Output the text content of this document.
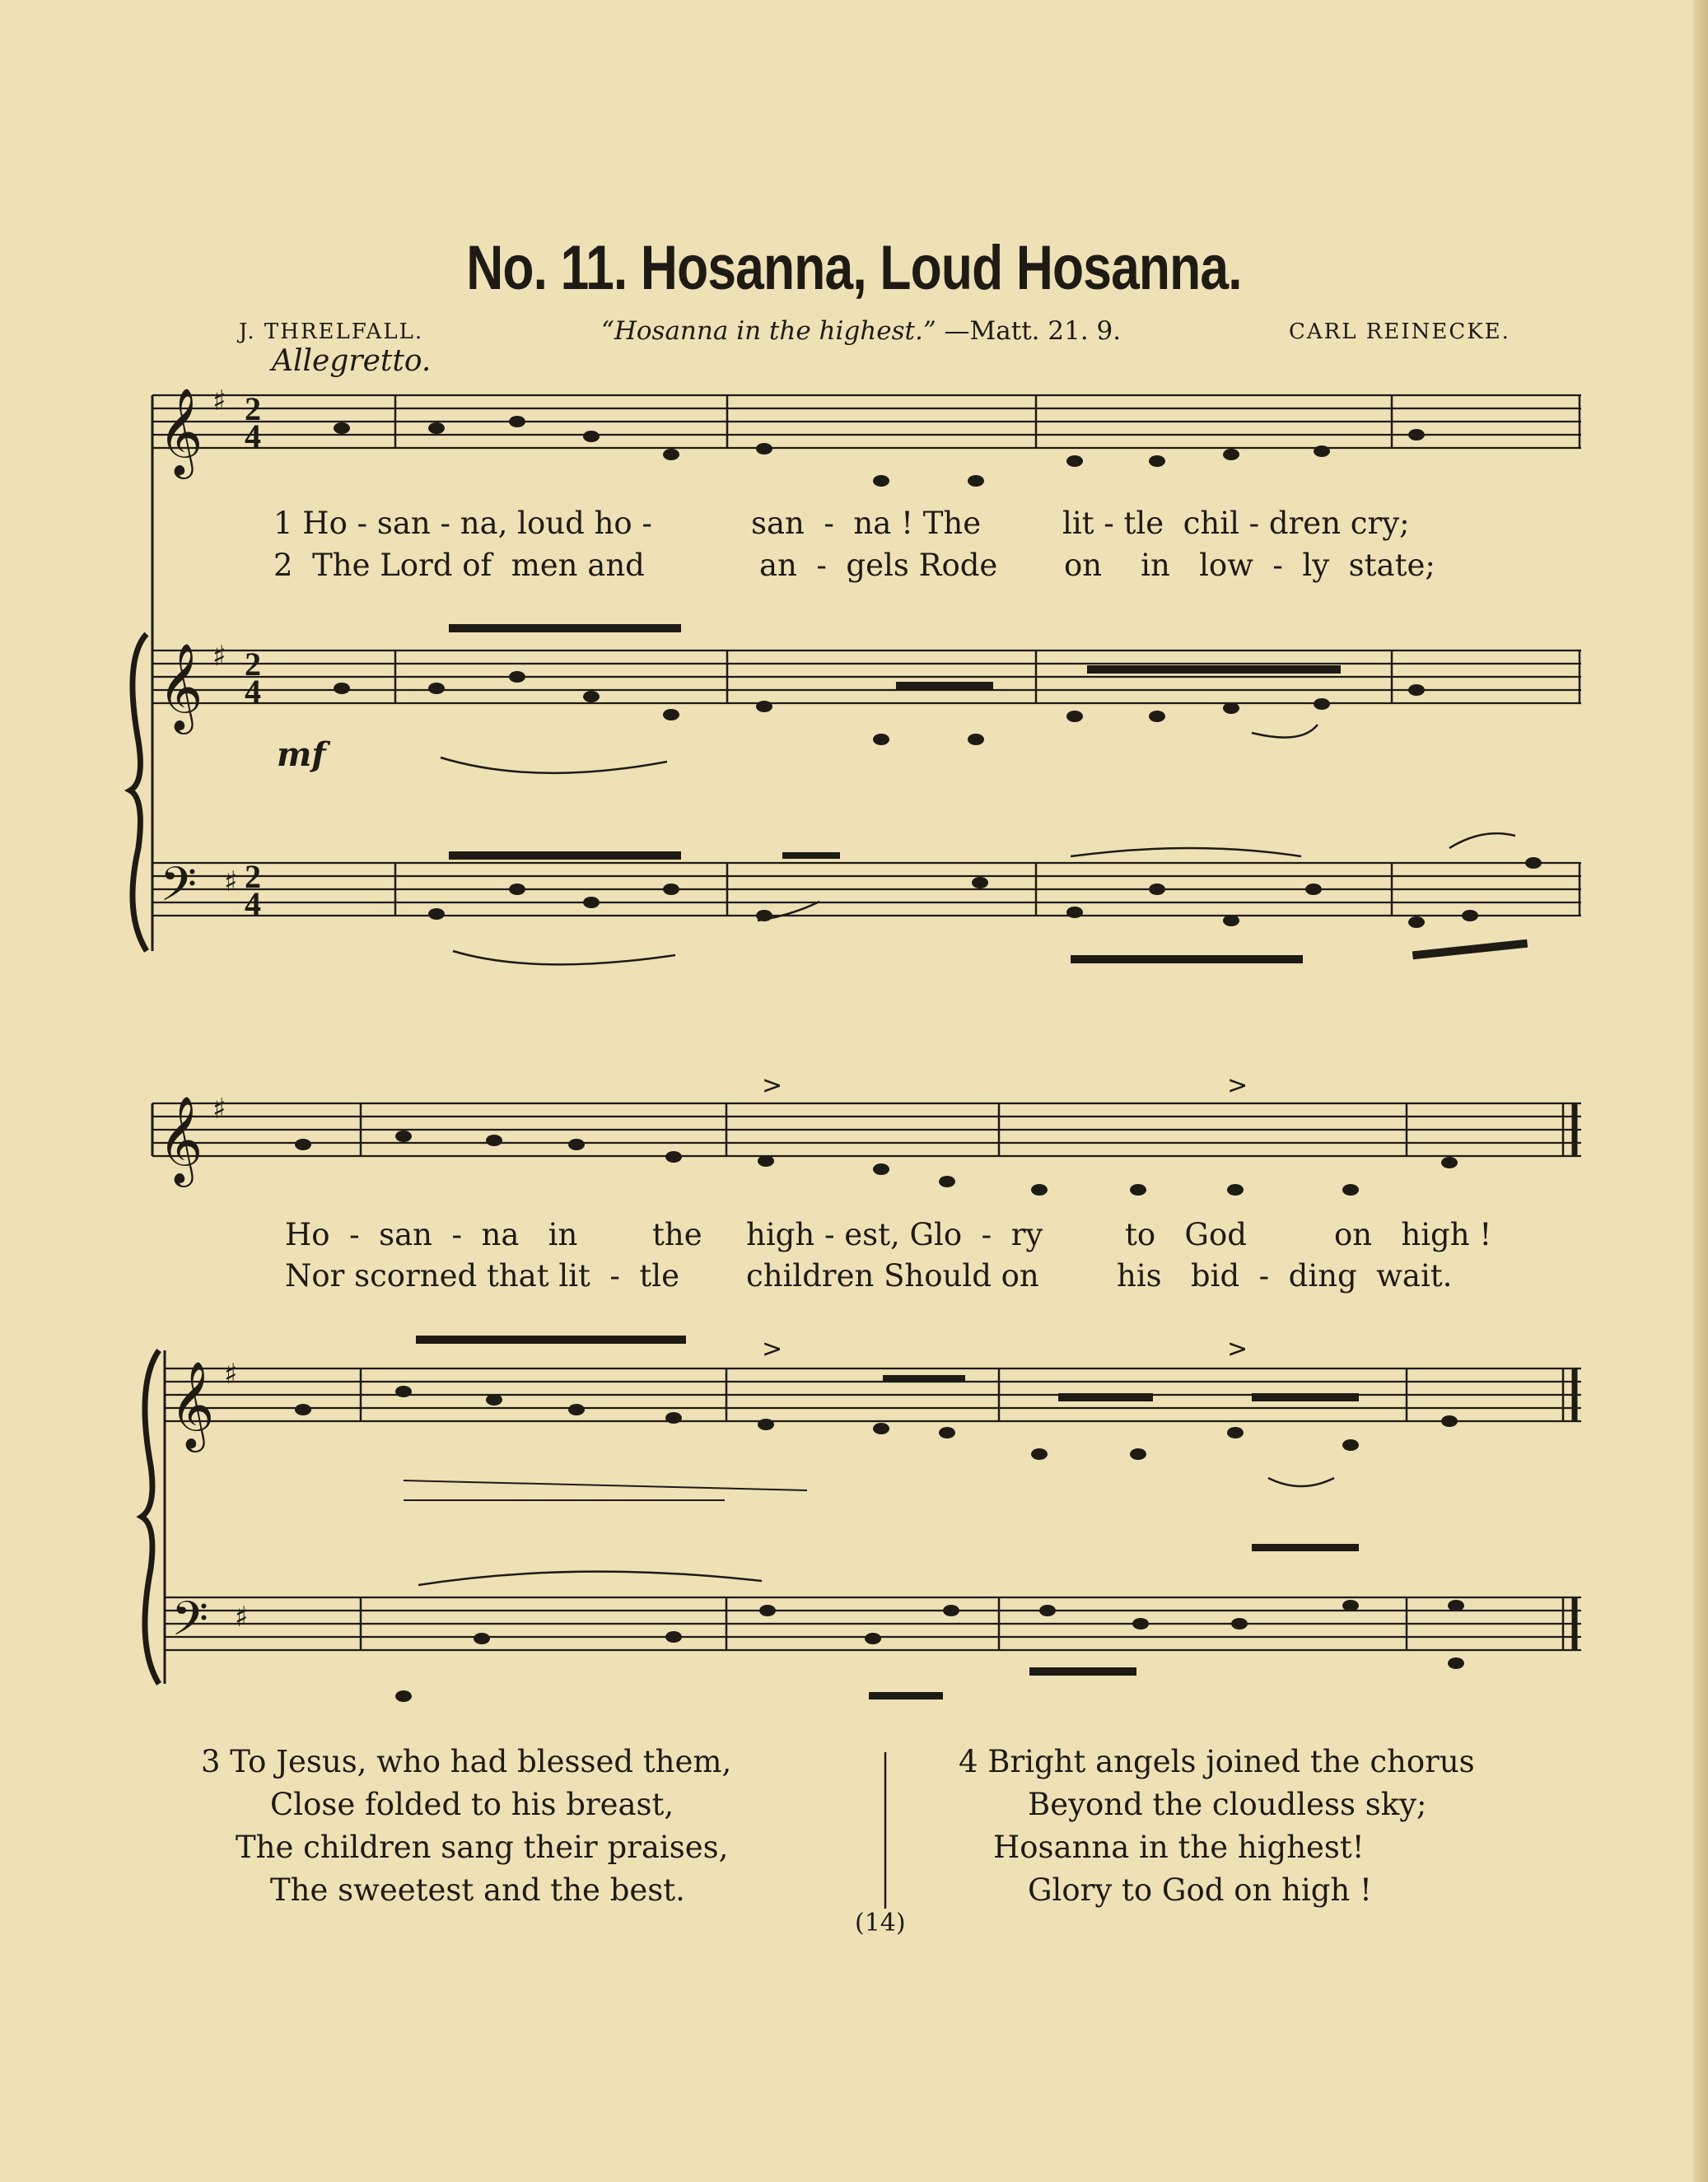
No. 11. Hosanna, Loud Hosanna.
J. THRELFALL.	“Hosanna in the highest.” —Matt. 21. 9.	CARL REINECKE.
Allegretto.
mf
2
4
2
4
2
4
𝄞
𝄞
𝄢
♯
♯
♯
𝄞
𝄞
𝄢
♯
♯
♯
>	>
>	>
1 Ho - san - na, loud ho -	san  -  na ! The	lit - tle  chil - dren cry;
2  The Lord of  men and	an  -  gels Rode on    in   low  -  ly  state;
Ho  -  san  -  na   in the high - est, Glo  -  ry	to   God	on   high !
Nor scorned that lit  -  tle children Should on	his   bid  -  ding  wait.
3 To Jesus, who had blessed them,
Close folded to his breast,
The children sang their praises,
The sweetest and the best.
4 Bright angels joined the chorus
Beyond the cloudless sky;
Hosanna in the highest!
Glory to God on high !
(14)
